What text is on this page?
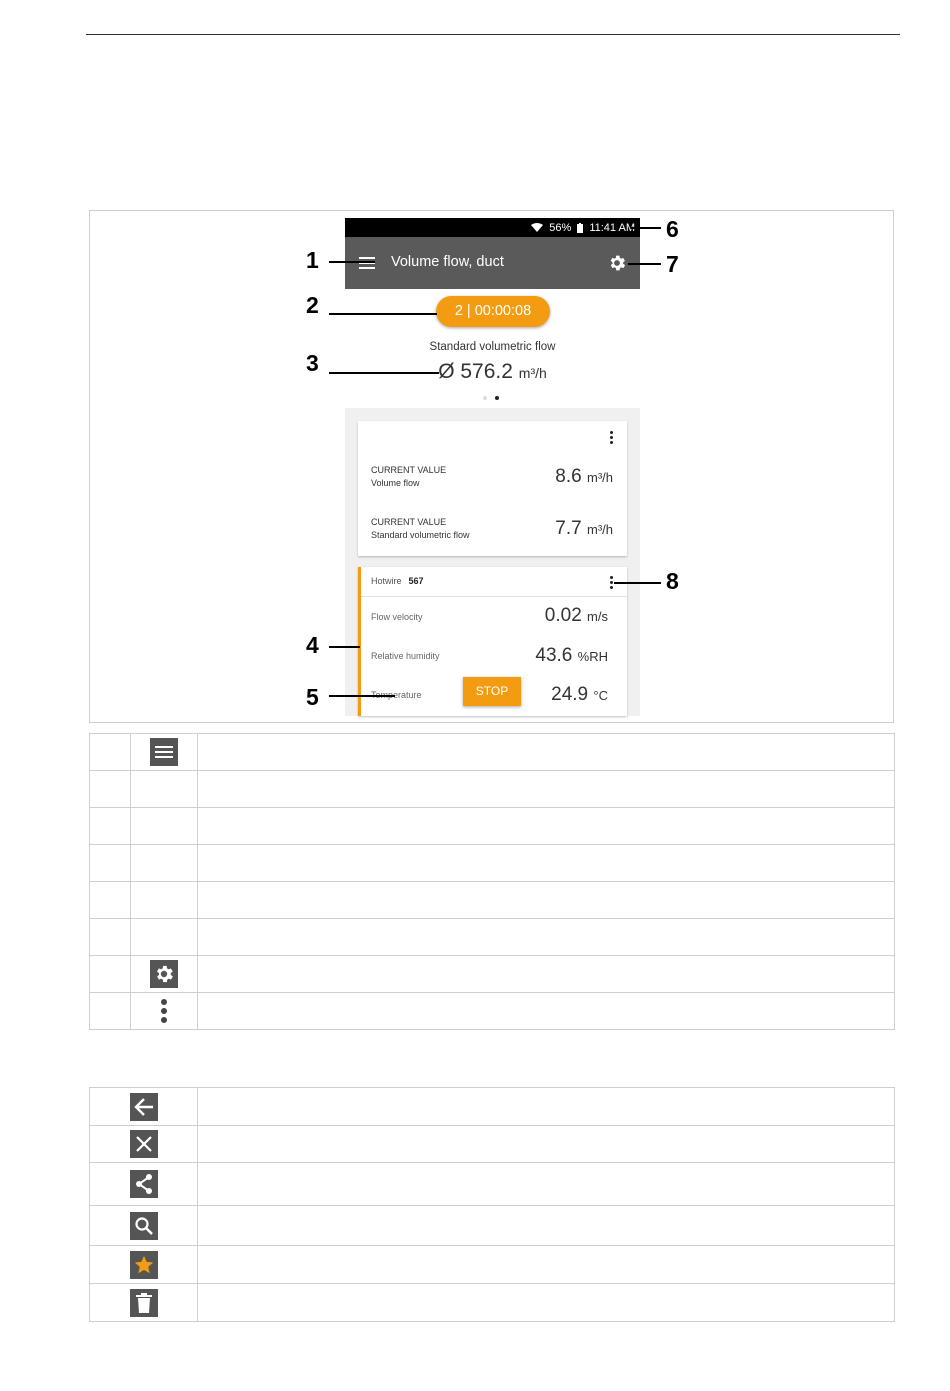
56% 11:41 AM
Volume flow, duct
2 | 00:00:08
Standard volumetric flow
Ø 576.2 m³/h
CURRENT VALUE
Volume flow	8.6 m³/h
CURRENT VALUE
Standard volumetric flow	7.7 m³/h
Hotwire 567
Flow velocity	0.02 m/s
Relative humidity	43.6 %RH
Temperature	24.9 °C
STOP
1
2
3
4
5
6
7
8
